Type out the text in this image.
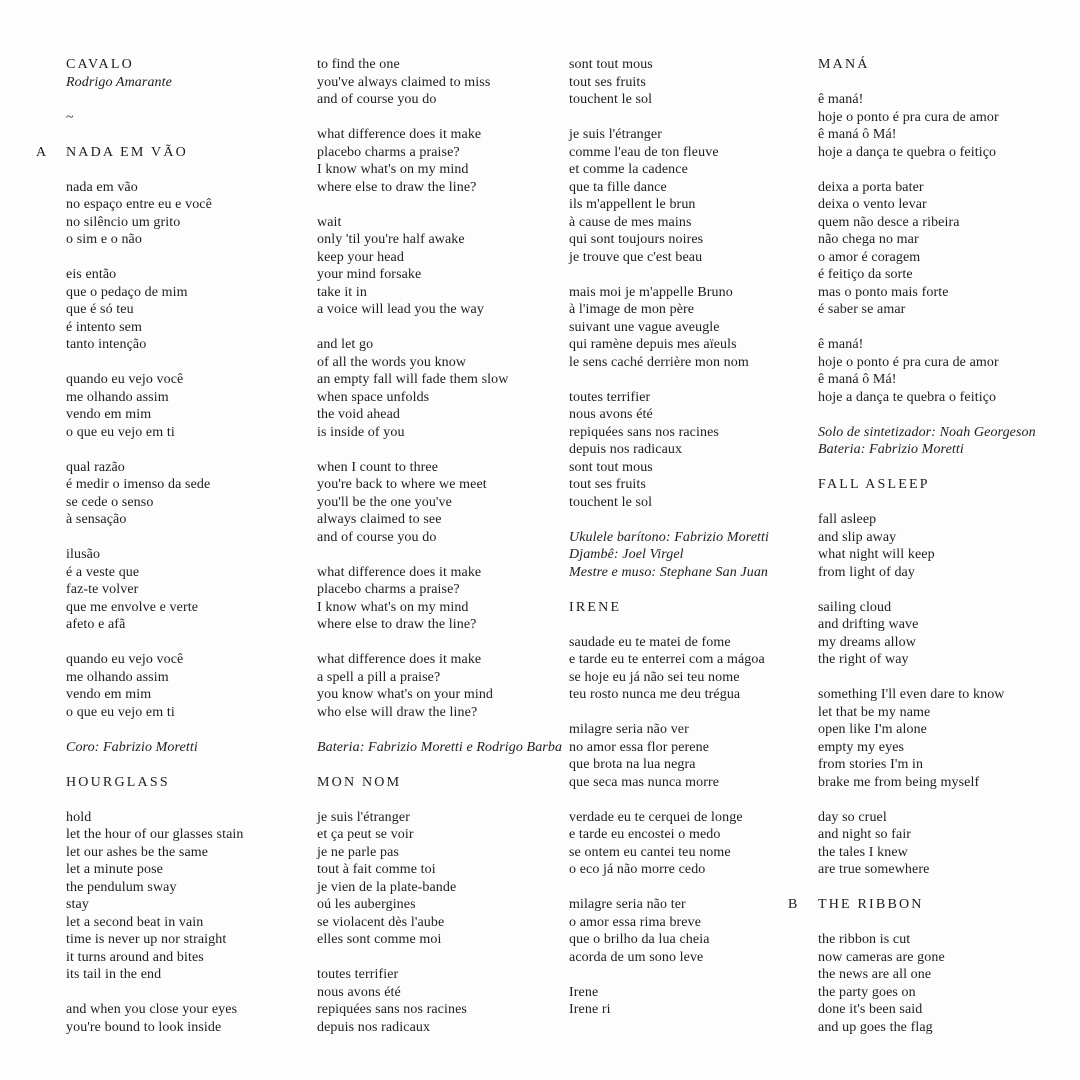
CAVALO
Rodrigo Amarante
~
NADA EM VÃO
A
nada em vão
no espaço entre eu e você
no silêncio um grito
o sim e o não
eis então
que o pedaço de mim
que é só teu
é intento sem
tanto intenção
quando eu vejo você
me olhando assim
vendo em mim
o que eu vejo em ti
qual razão
é medir o imenso da sede
se cede o senso
à sensação
ilusão
é a veste que
faz-te volver
que me envolve e verte
afeto e afã
quando eu vejo você
me olhando assim
vendo em mim
o que eu vejo em ti
Coro: Fabrizio Moretti
HOURGLASS
hold
let the hour of our glasses stain
let our ashes be the same
let a minute pose
the pendulum sway
stay
let a second beat in vain
time is never up nor straight
it turns around and bites
its tail in the end
and when you close your eyes
you're bound to look inside
to find the one
you've always claimed to miss
and of course you do
what difference does it make
placebo charms a praise?
I know what's on my mind
where else to draw the line?
wait
only 'til you're half awake
keep your head
your mind forsake
take it in
a voice will lead you the way
and let go
of all the words you know
an empty fall will fade them slow
when space unfolds
the void ahead
is inside of you
when I count to three
you're back to where we meet
you'll be the one you've
always claimed to see
and of course you do
what difference does it make
placebo charms a praise?
I know what's on my mind
where else to draw the line?
what difference does it make
a spell a pill a praise?
you know what's on your mind
who else will draw the line?
Bateria: Fabrizio Moretti e Rodrigo Barba
MON NOM
je suis l'étranger
et ça peut se voir
je ne parle pas
tout à fait comme toi
je vien de la plate-bande
oú les aubergines
se violacent dès l'aube
elles sont comme moi
toutes terrifier
nous avons été
repiquées sans nos racines
depuis nos radicaux
sont tout mous
tout ses fruits
touchent le sol
je suis l'étranger
comme l'eau de ton fleuve
et comme la cadence
que ta fille dance
ils m'appellent le brun
à cause de mes mains
qui sont toujours noires
je trouve que c'est beau
mais moi je m'appelle Bruno
à l'image de mon père
suivant une vague aveugle
qui ramène depuis mes aïeuls
le sens caché derrière mon nom
toutes terrifier
nous avons été
repiquées sans nos racines
depuis nos radicaux
sont tout mous
tout ses fruits
touchent le sol
Ukulele barítono: Fabrizio Moretti
Djambê: Joel Virgel
Mestre e muso: Stephane San Juan
IRENE
saudade eu te matei de fome
e tarde eu te enterrei com a mágoa
se hoje eu já não sei teu nome
teu rosto nunca me deu trégua
milagre seria não ver
no amor essa flor perene
que brota na lua negra
que seca mas nunca morre
verdade eu te cerquei de longe
e tarde eu encostei o medo
se ontem eu cantei teu nome
o eco já não morre cedo
milagre seria não ter
o amor essa rima breve
que o brilho da lua cheia
acorda de um sono leve
Irene
Irene ri
MANÁ
ê maná!
hoje o ponto é pra cura de amor
ê maná ô Má!
hoje a dança te quebra o feitiço
deixa a porta bater
deixa o vento levar
quem não desce a ribeira
não chega no mar
o amor é coragem
é feitiço da sorte
mas o ponto mais forte
é saber se amar
ê maná!
hoje o ponto é pra cura de amor
ê maná ô Má!
hoje a dança te quebra o feitiço
Solo de sintetizador: Noah Georgeson
Bateria: Fabrizio Moretti
FALL ASLEEP
fall asleep
and slip away
what night will keep
from light of day
sailing cloud
and drifting wave
my dreams allow
the right of way
something I'll even dare to know
let that be my name
open like I'm alone
empty my eyes
from stories I'm in
brake me from being myself
day so cruel
and night so fair
the tales I knew
are true somewhere
THE RIBBON
B
the ribbon is cut
now cameras are gone
the news are all one
the party goes on
done it's been said
and up goes the flag
